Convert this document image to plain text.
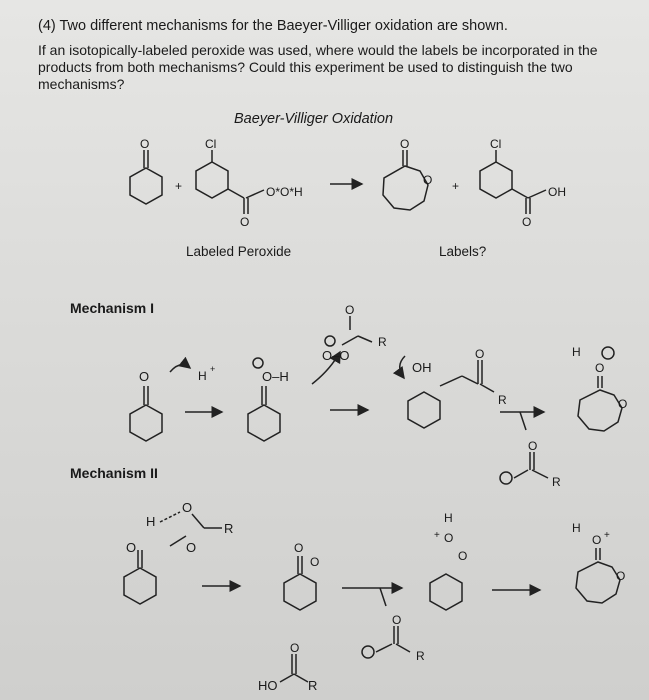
(4) Two different mechanisms for the Baeyer-Villiger oxidation are shown.
If an isotopically-labeled peroxide was used, where would the labels be incorporated in the products from both mechanisms? Could this experiment be used to distinguish the two mechanisms?
Baeyer-Villiger Oxidation
Labeled Peroxide	Labels?
Mechanism I
Mechanism II
O
+
Cl
O
O*O*H
O
O +
Cl
O
OH
O	H +	O–H
O–O
O
R
OH
O
R
O
R
H
O
O
O
H
O
O
R
O
O
HO
O
R
O
R
H
+ O
O
H
O +
O
